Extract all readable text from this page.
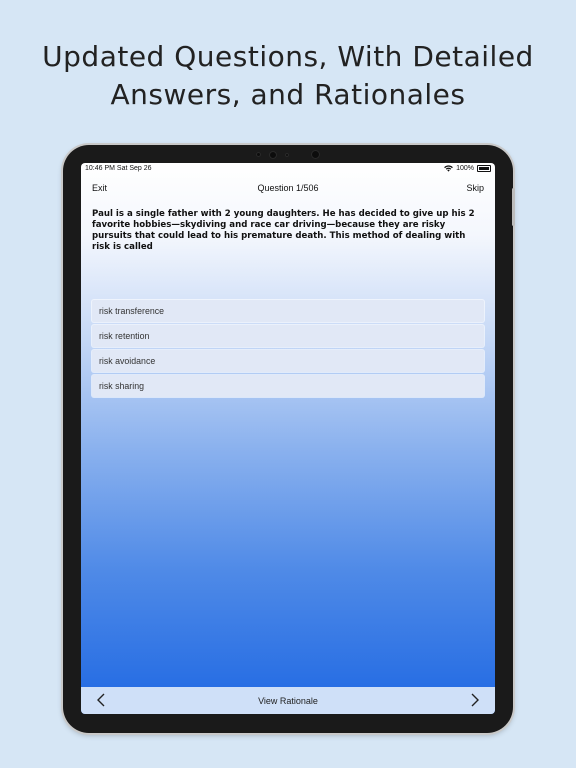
Updated Questions, With Detailed
Answers, and Rationales
10:46 PM Sat Sep 26	100%
Exit	Question 1/506	Skip
Paul is a single father with 2 young daughters. He has decided to give up his 2 favorite hobbies—skydiving and race car driving—because they are risky pursuits that could lead to his premature death. This method of dealing with risk is called
risk transference
risk retention
risk avoidance
risk sharing
View Rationale
